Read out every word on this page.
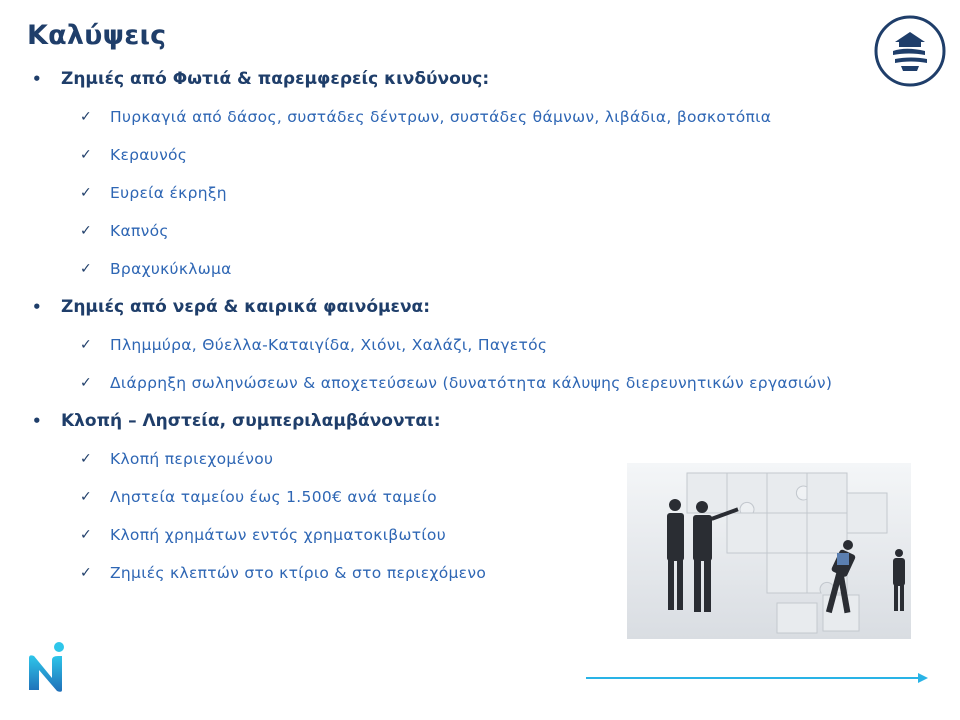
Καλύψεις
• Ζημιές από Φωτιά & παρεμφερείς κινδύνους:
✓ Πυρκαγιά από δάσος, συστάδες δέντρων, συστάδες θάμνων, λιβάδια, βοσκοτόπια
✓ Κεραυνός
✓ Ευρεία έκρηξη
✓ Καπνός
✓ Βραχυκύκλωμα
• Ζημιές από νερά & καιρικά φαινόμενα:
✓ Πλημμύρα, Θύελλα-Καταιγίδα, Χιόνι, Χαλάζι, Παγετός
✓ Διάρρηξη σωληνώσεων & αποχετεύσεων (δυνατότητα κάλυψης διερευνητικών εργασιών)
• Κλοπή – Ληστεία, συμπεριλαμβάνονται:
✓ Κλοπή περιεχομένου
✓ Ληστεία ταμείου έως 1.500€ ανά ταμείο
✓ Κλοπή χρημάτων εντός χρηματοκιβωτίου
✓ Ζημιές κλεπτών στο κτίριο & στο περιεχόμενο
